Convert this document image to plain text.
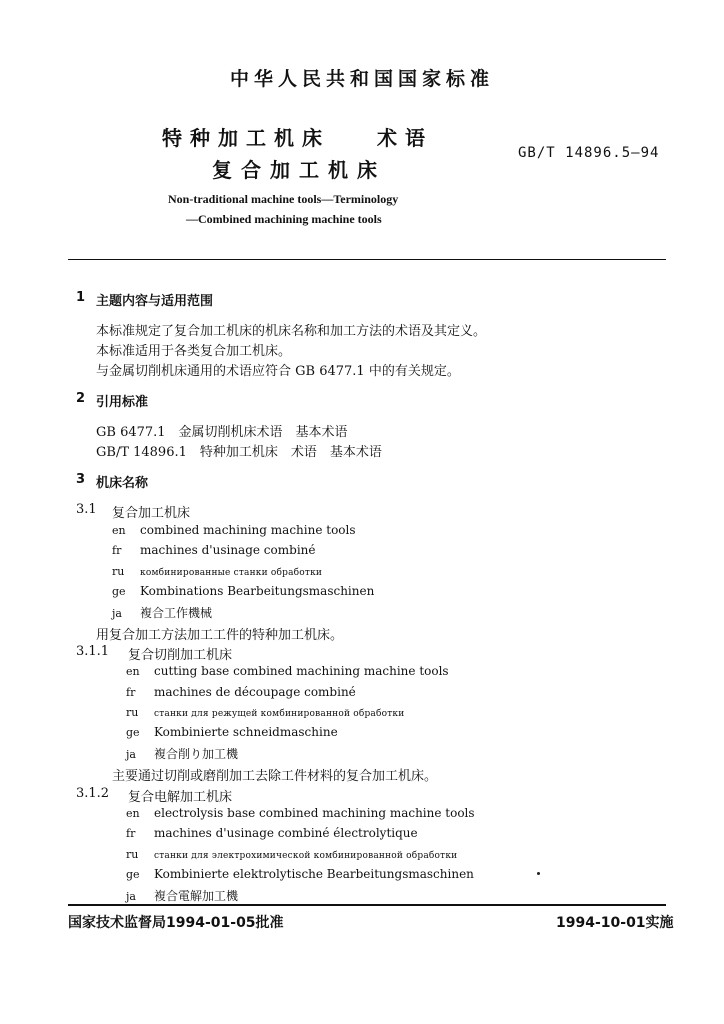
中华人民共和国国家标准
特种加工机床 术语
复合加工机床
GB/T 14896.5—94
Non-traditional machine tools—Terminology
—Combined machining machine tools
1 主题内容与适用范围
本标准规定了复合加工机床的机床名称和加工方法的术语及其定义。
本标准适用于各类复合加工机床。
与金属切削机床通用的术语应符合 GB 6477.1 中的有关规定。
2 引用标准
GB 6477.1　金属切削机床术语　基本术语
GB/T 14896.1　特种加工机床　术语　基本术语
3 机床名称
3.1 复合加工机床
en combined machining machine tools
fr machines d'usinage combiné
ru комбинированные станки обработки
ge Kombinations Bearbeitungsmaschinen
ja 複合工作機械
用复合加工方法加工工件的特种加工机床。
3.1.1 复合切削加工机床
en cutting base combined machining machine tools
fr machines de découpage combiné
ru станки для режущей комбинированной обработки
ge Kombinierte schneidmaschine
ja 複合削り加工機
主要通过切削或磨削加工去除工件材料的复合加工机床。
3.1.2 复合电解加工机床
en electrolysis base combined machining machine tools
fr machines d'usinage combiné électrolytique
ru станки для электрохимической комбинированной обработки
ge Kombinierte elektrolytische Bearbeitungsmaschinen
ja 複合電解加工機
国家技术监督局1994-01-05批准	1994-10-01实施
